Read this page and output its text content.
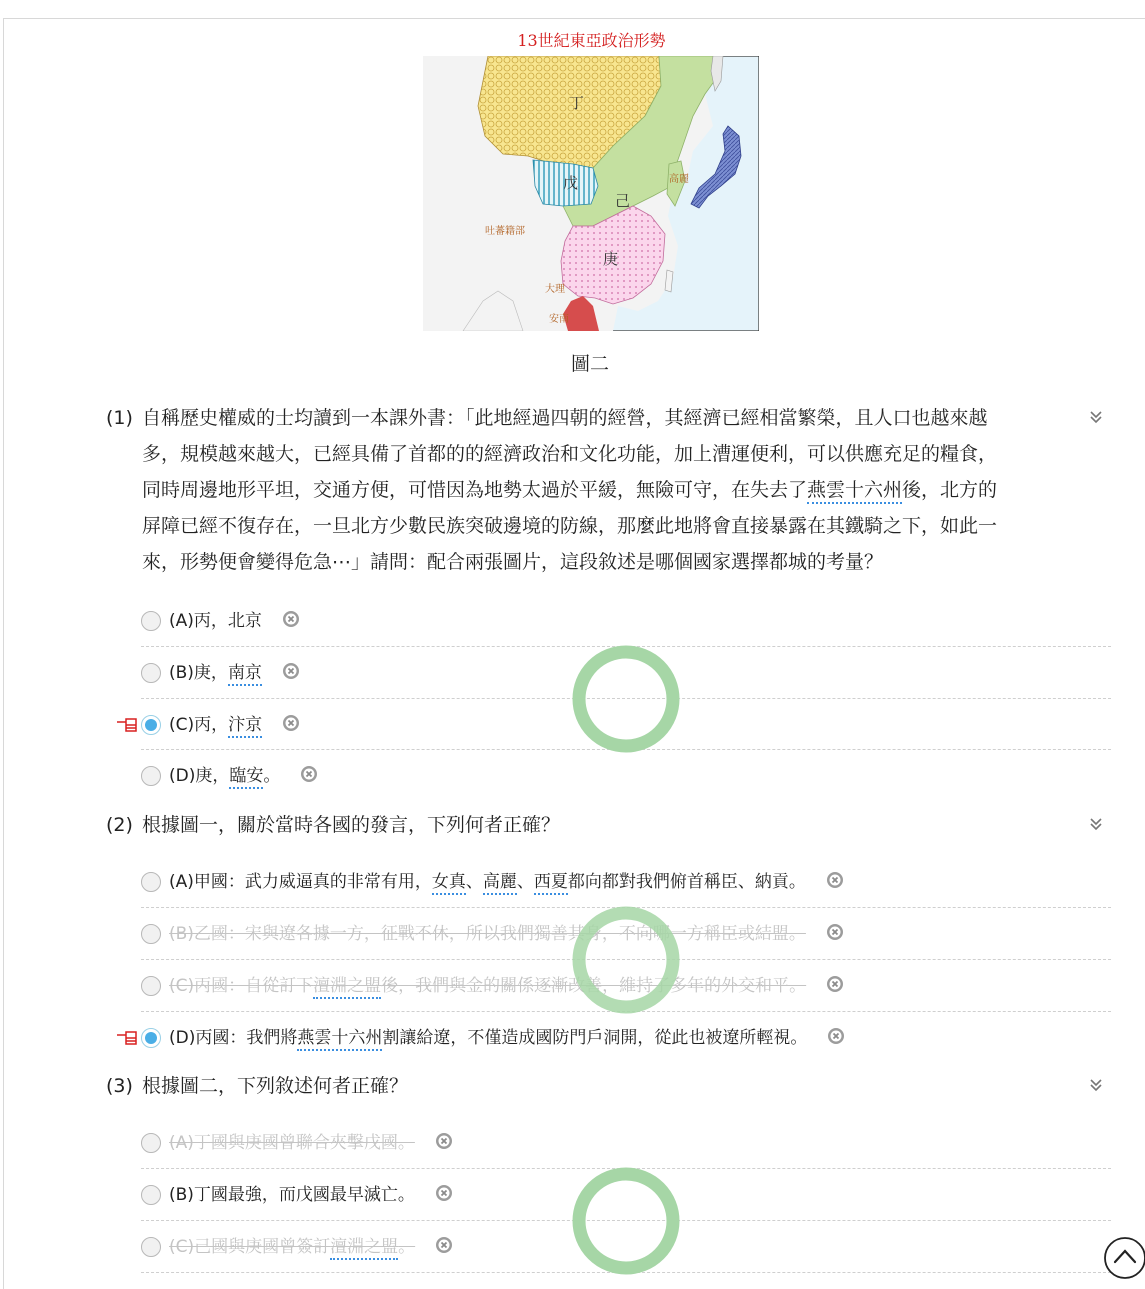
13世紀東亞政治形勢
丁
戊
己
庚
高麗
吐蕃籍部
大理
安南
圖二
(1) 自稱歷史權威的士均讀到一本課外書：「此地經過四朝的經營，其經濟已經相當繁榮，且人口也越來越
多，規模越來越大，已經具備了首都的的經濟政治和文化功能，加上漕運便利，可以供應充足的糧食，
同時周邊地形平坦，交通方便，可惜因為地勢太過於平緩，無險可守，在失去了燕雲十六州後，北方的
屏障已經不復存在，一旦北方少數民族突破邊境的防線，那麼此地將會直接暴露在其鐵騎之下，如此一
來，形勢便會變得危急⋯」請問：配合兩張圖片，這段敘述是哪個國家選擇都城的考量？
(A)丙，北京
(B)庚，南京
(C)丙，汴京
(D)庚，臨安。
(2) 根據圖一，關於當時各國的發言，下列何者正確？
(A)甲國：武力威逼真的非常有用，女真、高麗、西夏都向都對我們俯首稱臣、納貢。
(B)乙國：宋與遼各據一方，征戰不休，所以我們獨善其身，不向哪一方稱臣或結盟。
(C)丙國：自從訂下澶淵之盟後，我們與金的關係逐漸改善，維持了多年的外交和平。
(D)丙國：我們將燕雲十六州割讓給遼，不僅造成國防門戶洞開，從此也被遼所輕視。
(3) 根據圖二，下列敘述何者正確？
(A)丁國與庚國曾聯合夾擊戊國。
(B)丁國最強，而戊國最早滅亡。
(C)己國與庚國曾簽訂澶淵之盟。
